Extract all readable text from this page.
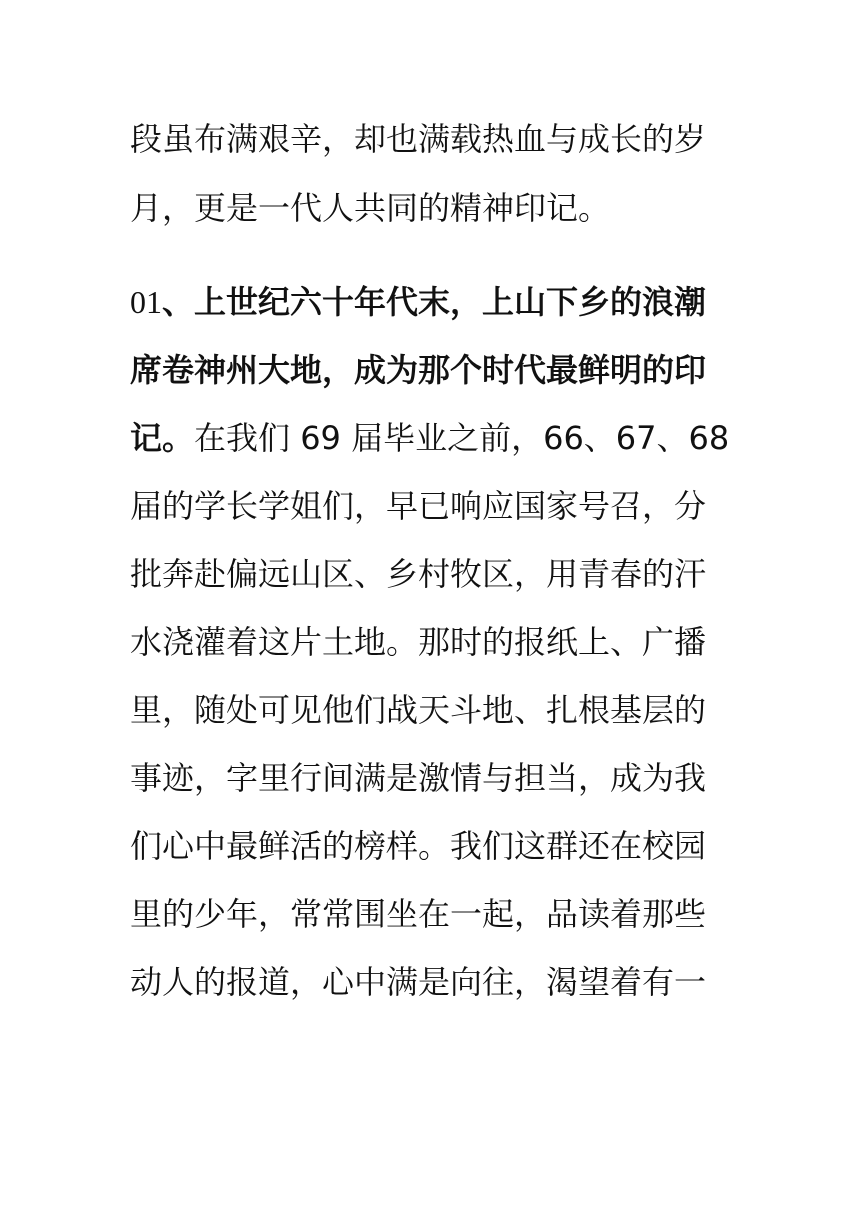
段虽布满艰辛，却也满载热血与成长的岁
月，更是一代人共同的精神印记。
01、上世纪六十年代末，上山下乡的浪潮
席卷神州大地，成为那个时代最鲜明的印
记。在我们 69 届毕业之前，66、67、68
届的学长学姐们，早已响应国家号召，分
批奔赴偏远山区、乡村牧区，用青春的汗
水浇灌着这片土地。那时的报纸上、广播
里，随处可见他们战天斗地、扎根基层的
事迹，字里行间满是激情与担当，成为我
们心中最鲜活的榜样。我们这群还在校园
里的少年，常常围坐在一起，品读着那些
动人的报道，心中满是向往，渴望着有一
